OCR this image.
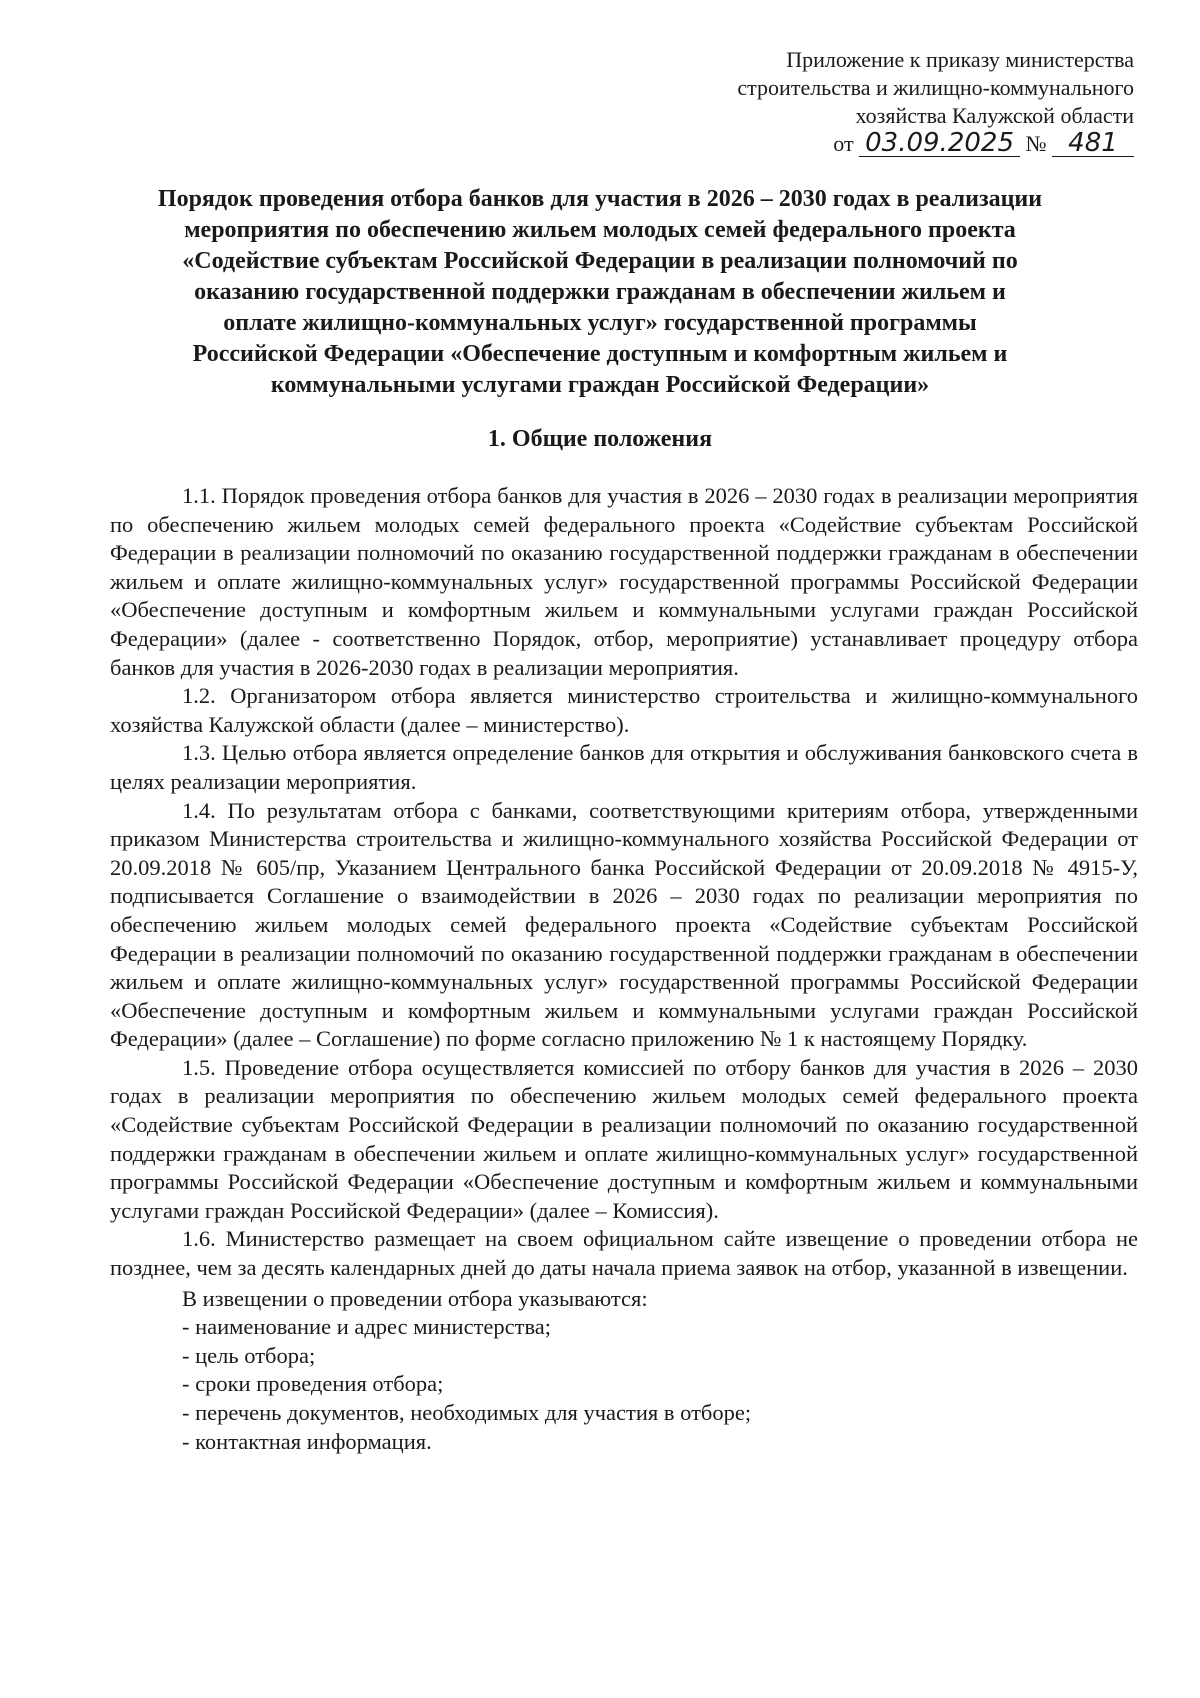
Приложение к приказу министерства
строительства и жилищно-коммунального
хозяйства Калужской области
от 03.09.2025 № 481
Порядок проведения отбора банков для участия в 2026 – 2030 годах в реализации
мероприятия по обеспечению жильем молодых семей федерального проекта
«Содействие субъектам Российской Федерации в реализации полномочий по
оказанию государственной поддержки гражданам в обеспечении жильем и
оплате жилищно-коммунальных услуг» государственной программы
Российской Федерации «Обеспечение доступным и комфортным жильем и
коммунальными услугами граждан Российской Федерации»
1. Общие положения

1.1. Порядок проведения отбора банков для участия в 2026 – 2030 годах в реализации мероприятия по обеспечению жильем молодых семей федерального проекта «Содействие субъектам Российской Федерации в реализации полномочий по оказанию государственной поддержки гражданам в обеспечении жильем и оплате жилищно-коммунальных услуг» государственной программы Российской Федерации «Обеспечение доступным и комфортным жильем и коммунальными услугами граждан Российской Федерации» (далее - соответственно Порядок, отбор, мероприятие) устанавливает процедуру отбора банков для участия в 2026-2030 годах в реализации мероприятия.

1.2. Организатором отбора является министерство строительства и жилищно-коммунального хозяйства Калужской области (далее – министерство).

1.3. Целью отбора является определение банков для открытия и обслуживания банковского счета в целях реализации мероприятия.

1.4. По результатам отбора с банками, соответствующими критериям отбора, утвержденными приказом Министерства строительства и жилищно-коммунального хозяйства Российской Федерации от 20.09.2018 № 605/пр, Указанием Центрального банка Российской Федерации от 20.09.2018 № 4915-У, подписывается Соглашение о взаимодействии в 2026 – 2030 годах по реализации мероприятия по обеспечению жильем молодых семей федерального проекта «Содействие субъектам Российской Федерации в реализации полномочий по оказанию государственной поддержки гражданам в обеспечении жильем и оплате жилищно-коммунальных услуг» государственной программы Российской Федерации «Обеспечение доступным и комфортным жильем и коммунальными услугами граждан Российской Федерации» (далее – Соглашение) по форме согласно приложению № 1 к настоящему Порядку.

1.5. Проведение отбора осуществляется комиссией по отбору банков для участия в 2026 – 2030 годах в реализации мероприятия по обеспечению жильем молодых семей федерального проекта «Содействие субъектам Российской Федерации в реализации полномочий по оказанию государственной поддержки гражданам в обеспечении жильем и оплате жилищно-коммунальных услуг» государственной программы Российской Федерации «Обеспечение доступным и комфортным жильем и коммунальными услугами граждан Российской Федерации» (далее – Комиссия).

1.6. Министерство размещает на своем официальном сайте извещение о проведении отбора не позднее, чем за десять календарных дней до даты начала приема заявок на отбор, указанной в извещении.

В извещении о проведении отбора указываются:

- наименование и адрес министерства;
- цель отбора;
- сроки проведения отбора;
- перечень документов, необходимых для участия в отборе;
- контактная информация.
